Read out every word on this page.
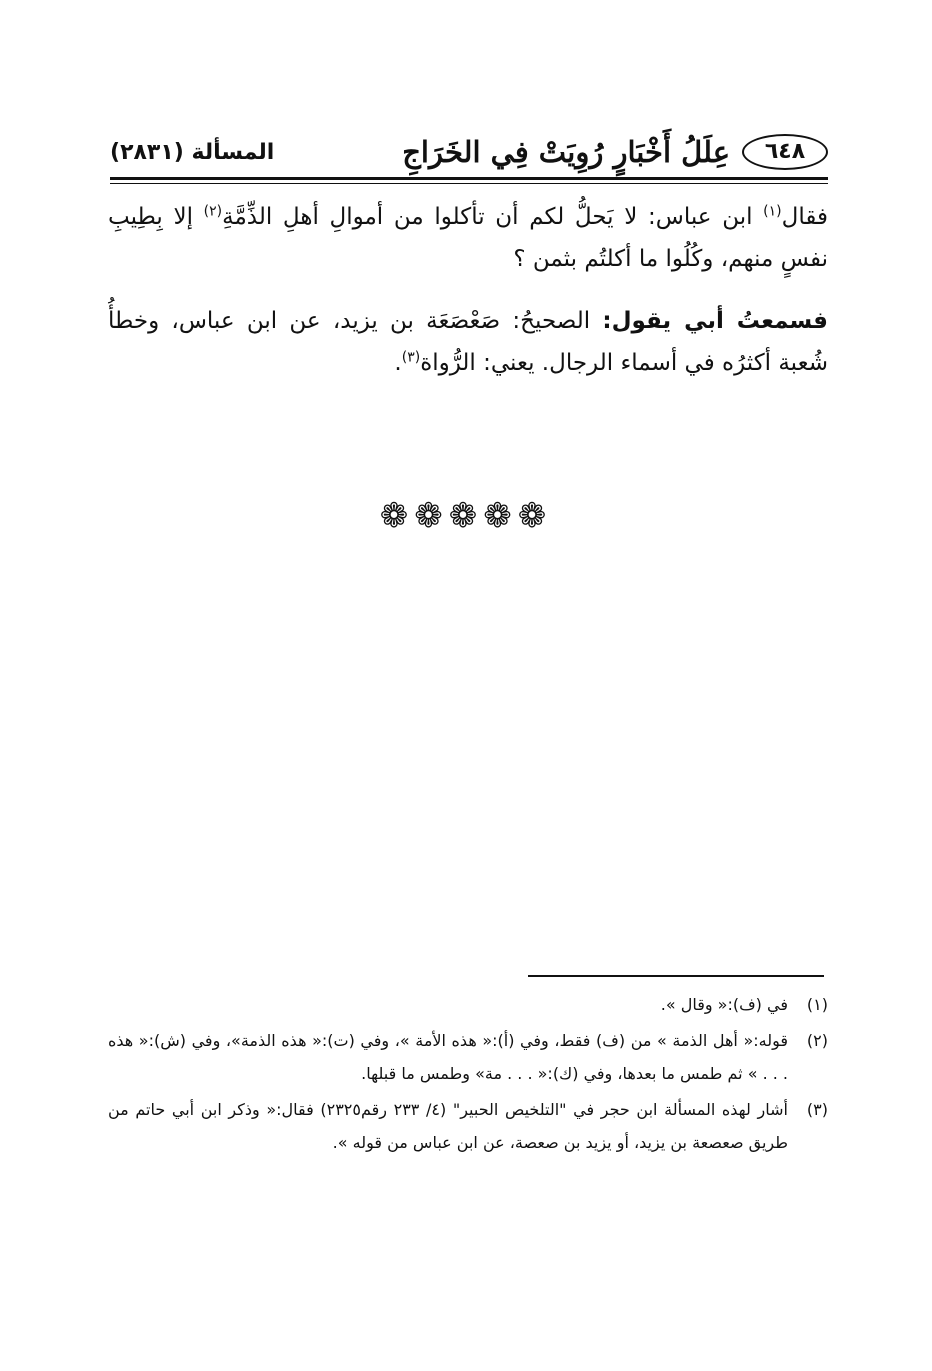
٦٤٨
عِلَلُ أَخْبَارٍ رُوِيَتْ فِي الخَرَاجِ
المسألة (٢٨٣١)

فقال$^{(١)}$ ابن عباس: لا يَحلُّ لكم أن تأكلوا من أموالِ أهلِ الذِّمَّةِ$^{(٢)}$ إلا بِطِيبِ نفسٍ منهم، وكُلُوا ما أكلتُم بثمن ؟

فسمعتُ أبي يقول: الصحيحُ: صَعْصَعَة بن يزيد، عن ابن عباس، وخطأُ شُعبة أكثرُه في أسماء الرجال. يعني: الرُّواة$^{(٣)}$.

❁❁❁❁❁
(١)
في (ف):« وقال ».
(٢)
قوله:« أهل الذمة » من (ف) فقط، وفي (أ):« هذه الأمة »، وفي (ت):« هذه الذمة»، وفي (ش):« هذه . . . » ثم طمس ما بعدها، وفي (ك):« . . . مة» وطمس ما قبلها.
(٣)
أشار لهذه المسألة ابن حجر في "التلخيص الحبير" (٤/ ٢٣٣ رقم٢٣٢٥) فقال:« وذكر ابن أبي حاتم من طريق صعصعة بن يزيد، أو يزيد بن صعصة، عن ابن عباس من قوله ».
